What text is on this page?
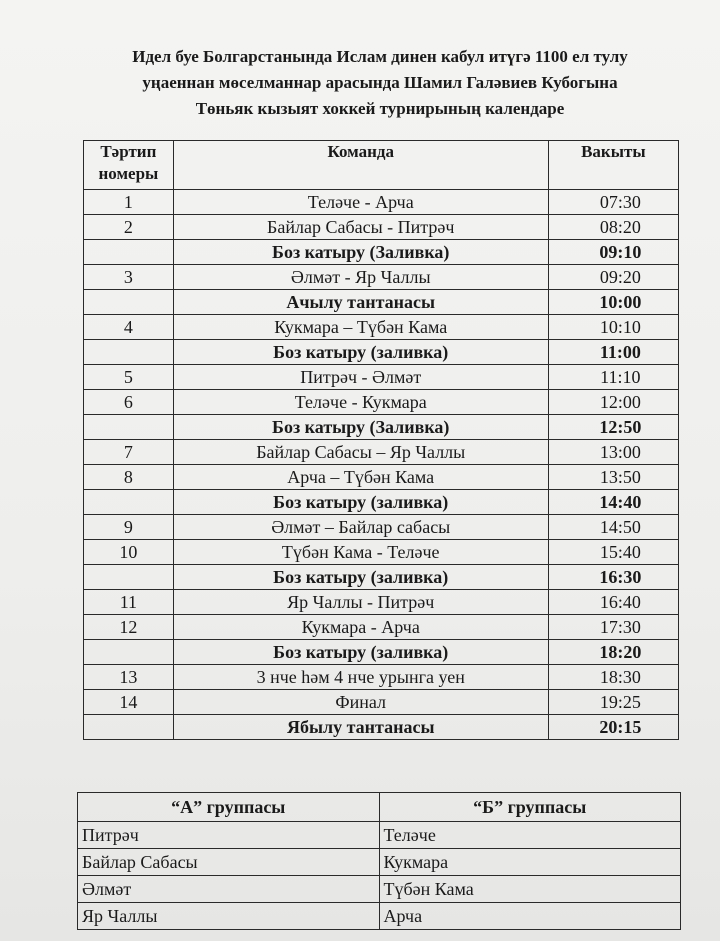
Идел буе Болгарстанында Ислам динен кабул итүгә 1100 ел тулу
уңаеннан мөселманнар арасында Шамил Галәвиев Кубогына
Төньяк кызыят хоккей турнирының календаре
Тәртип номеры	Команда	Вакыты
1	Теләче - Арча	07:30
2	Байлар Сабасы - Питрәч	08:20
	Боз катыру (Заливка)	09:10
3	Әлмәт - Яр Чаллы	09:20
	Ачылу тантанасы	10:00
4	Кукмара – Түбән Кама	10:10
	Боз катыру (заливка)	11:00
5	Питрәч - Әлмәт	11:10
6	Теләче - Кукмара	12:00
	Боз катыру (Заливка)	12:50
7	Байлар Сабасы – Яр Чаллы	13:00
8	Арча – Түбән Кама	13:50
	Боз катыру (заливка)	14:40
9	Әлмәт – Байлар сабасы	14:50
10	Түбән Кама - Теләче	15:40
	Боз катыру (заливка)	16:30
11	Яр Чаллы - Питрәч	16:40
12	Кукмара - Арча	17:30
	Боз катыру (заливка)	18:20
13	3 нче һәм 4 нче урынга уен	18:30
14	Финал	19:25
	Ябылу тантанасы	20:15
“А” группасы	“Б” группасы
Питрәч	Теләче
Байлар Сабасы	Кукмара
Әлмәт	Түбән Кама
Яр Чаллы	Арча
